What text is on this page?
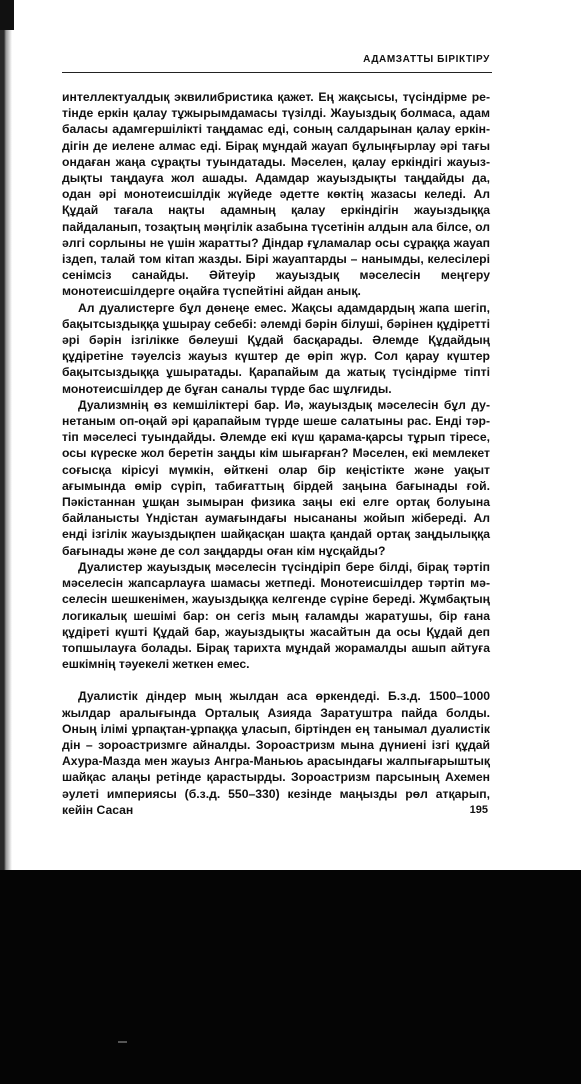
АДАМЗАТТЫ БІРІКТІРУ

интеллектуалдық эквилибристика қажет. Ең жақсысы, түсіндірме ретінде еркін қалау тұжырымдамасы түзілді. Жауыздық болмаса, адам баласы адамгершілікті таңдамас еді, соның салдарынан қалау еркіндігін де иелене алмас еді. Бірақ мұндай жауап бұлыңғырлау әрі тағы ондаған жаңа сұрақты туындатады. Мәселен, қалау еркіндігі жауыздықты таңдауға жол ашады. Адамдар жауыздықты таңдайды да, одан әрі монотеисшілдік жүйеде әдетте көктің жазасы келеді. Ал Құдай тағала нақты адамның қалау еркіндігін жауыздыққа пайдаланып, тозақтың мәңгілік азабына түсетінін алдын ала білсе, ол әлгі сорлыны не үшін жаратты? Діндар ғұламалар осы сұраққа жауап іздеп, талай том кітап жазды. Бірі жауаптарды – нанымды, келесілері сенімсіз санайды. Әйтеуір жауыздық мәселесін меңгеру монотеисшілдерге оңайға түспейтіні айдан анық.

Ал дуалистерге бұл дөнеңе емес. Жақсы адамдардың жапа шегіп, бақытсыздыққа ұшырау себебі: әлемді бәрін білуші, бәрінен құдіретті әрі бәрін ізгілікке бөлеуші Құдай басқарады. Әлемде Құдайдың құдіретіне тәуелсіз жауыз күштер де өріп жүр. Сол қарау күштер бақытсыздыққа ұшыратады. Қарапайым да жатық түсіндірме тіпті монотеисшілдер де бұған саналы түрде бас шұлғиды.

Дуализмнің өз кемшіліктері бар. Иә, жауыздық мәселесін бұл дунетаным оп-оңай әрі қарапайым түрде шеше салатыны рас. Енді тәртіп мәселесі туындайды. Әлемде екі күш қарама-қарсы тұрып тіресе, осы күреске жол беретін заңды кім шығарған? Мәселен, екі мемлекет соғысқа кірісуі мүмкін, өйткені олар бір кеңістікте және уақыт ағымында өмір сүріп, табиғаттың бірдей заңына бағынады ғой. Пәкістаннан ұшқан зымыран физика заңы екі елге ортақ болуына байланысты Үндістан аумағындағы нысананы жойып жібереді. Ал енді ізгілік жауыздықпен шайқасқан шақта қандай ортақ заңдылыққа бағынады және де сол заңдарды оған кім нұсқайды?

Дуалистер жауыздық мәселесін түсіндіріп бере білді, бірақ тәртіп мәселесін жапсарлауға шамасы жетпеді. Монотеисшілдер тәртіп мәселесін шешкенімен, жауыздыққа келгенде сүріне береді. Жұмбақтың логикалық шешімі бар: он сегіз мың ғаламды жаратушы, бір ғана құдіреті күшті Құдай бар, жауыздықты жасайтын да осы Құдай деп топшылауға болады. Бірақ тарихта мұндай жорамалды ашып айтуға ешкімнің тәуекелі жеткен емес.

Дуалистік діндер мың жылдан аса өркендеді. Б.з.д. 1500–1000 жылдар аралығында Орталық Азияда Заратуштра пайда болды. Оның ілімі ұрпақтан-ұрпаққа ұласып, біртінден ең танымал дуалистік дін – зороастризмге айналды. Зороастризм мына дүниені ізгі құдай Ахура-Мазда мен жауыз Ангра-Маньюь арасындағы жалпығарыштық шайқас алаңы ретінде қарастырды. Зороастризм парсының Ахемен әулеті империясы (б.з.д. 550–330) кезінде маңызды рөл атқарып, кейін Сасан	195
